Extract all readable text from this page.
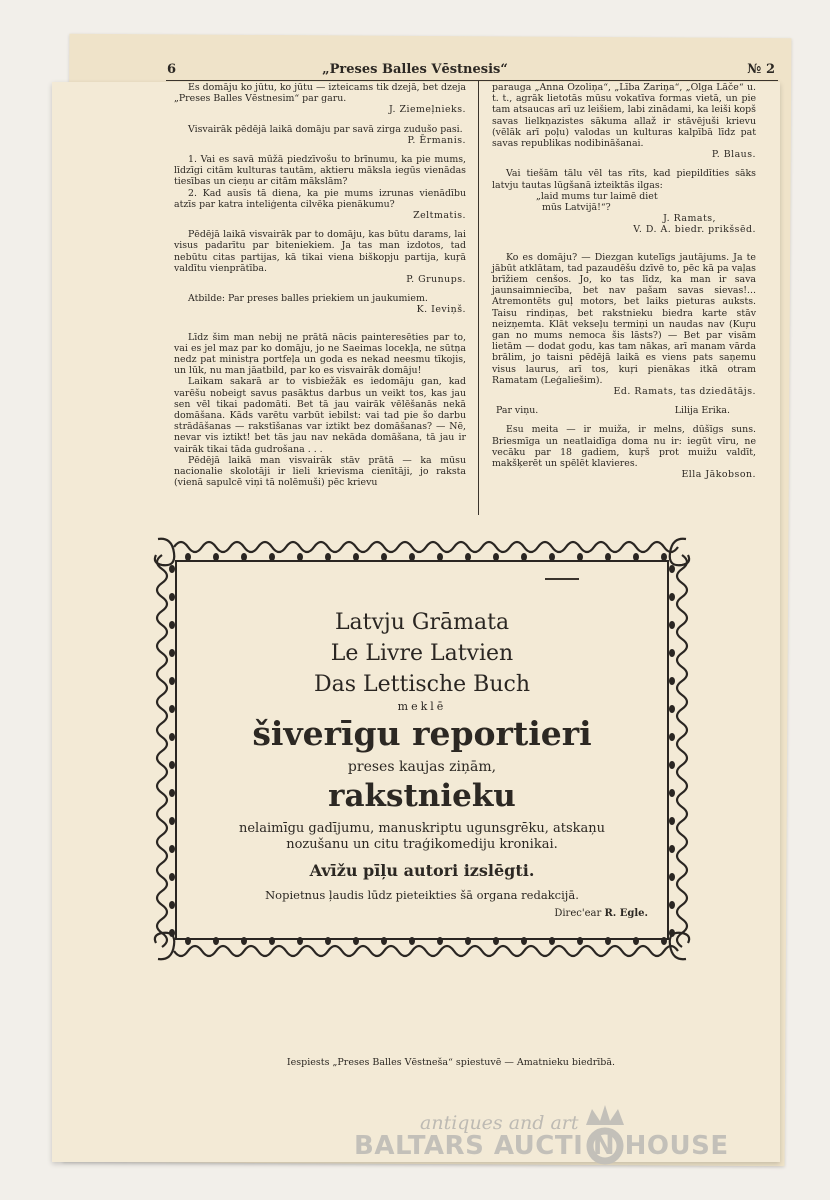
6	„Preses Balles Vēstnesis“	№ 2

Es domāju ko jūtu, ko jūtu — izteicams tik dzejā, bet dzeja „Preses Balles Vēstnesim“ par garu.

J. Ziemeļnieks.

Visvairāk pēdējā laikā domāju par savā zirga zudušo pasi.

P. Ērmanis.

1. Vai es savā mūžā piedzīvošu to brīnumu, ka pie mums, līdzīgi citām kulturas tautām, aktieru māksla iegūs vienādas tiesības un cieņu ar citām mākslām?

2. Kad ausīs tā diena, ka pie mums izrunas vienādību atzīs par katra inteliģenta cilvēka pienākumu?

Zeltmatis.

Pēdējā laikā visvairāk par to domāju, kas būtu darams, lai visus padarītu par biteniekiem. Ja tas man izdotos, tad nebūtu citas partijas, kā tikai viena biškopju partija, kuŗā valdītu vienprātība.

P. Grunups.

Atbilde: Par preses balles priekiem un jaukumiem.

K. Ieviņš.

Līdz šim man nebij ne prātā nācis painteresēties par to, vai es jel maz par ko domāju, jo ne Saeimas locekļa, ne sūtņa nedz pat ministŗa portfeļa un goda es nekad neesmu tīkojis, un lūk, nu man jāatbild, par ko es visvairāk domāju!

Laikam sakarā ar to visbiežāk es iedomāju gan, kad varēšu nobeigt savus pasāktus darbus un veikt tos, kas jau sen vēl tikai padomāti. Bet tā jau vairāk vēlēšanās nekā domāšana. Kāds varētu varbūt iebilst: vai tad pie šo darbu strādāšanas — rakstīšanas var iztikt bez domāšanas? — Nē, nevar vis iztikt! bet tās jau nav nekāda domāšana, tā jau ir vairāk tikai tāda gudrošana . . .

Pēdējā laikā man visvairāk stāv prātā — ka mūsu nacionalie skolotāji ir lieli krievisma cienītāji, jo raksta (vienā sapulcē viņi tā nolēmuši) pēc krievu

parauga „Anna Ozoliņa“, „Lība Zariņa“, „Olga Lāče“ u. t. t., agrāk lietotās mūsu vokatīva formas vietā, un pie tam atsaucas arī uz leišiem, labi zinādami, ka leiši kopš savas lielkņazistes sākuma allaž ir stāvējuši krievu (vēlāk arī poļu) valodas un kulturas kalpībā līdz pat savas republikas nodibināšanai.

P. Blaus.

Vai tiešām tālu vēl tas rīts, kad piepildīties sāks latvju tautas lūgšanā izteiktās ilgas:

„laid mums tur laimē diet

mūs Latvijā!“?

J. Ramats,

V. D. A. biedr. prikšsēd.

Ko es domāju? — Diezgan kutelīgs jautājums. Ja te jābūt atklātam, tad pazaudēšu dzīvē to, pēc kā pa vaļas brīžiem cenšos. Jo, ko tas līdz, ka man ir sava jaunsaimniecība, bet nav pašam savas sievas!... Atremontēts guļ motors, bet laiks pieturas auksts. Taisu rindiņas, bet rakstnieku biedra karte stāv neizņemta. Klāt vekseļu termiņi un naudas nav (Kuŗu gan no mums nemoca šis lāsts?) — Bet par visām lietām — dodat godu, kas tam nākas, arī manam vārda brālim, jo taisni pēdējā laikā es viens pats saņemu visus laurus, arī tos, kuŗi pienākas itkā otram Ramatam (Leģaliešim).

Ed. Ramats, tas dziedātājs.

Par viņu.	Lilija Erika.

Esu meita — ir muiža, ir melns, dūšīgs suns. Briesmīga un neatlaidīga doma nu ir: iegūt vīru, ne vecāku par 18 gadiem, kuŗš prot muižu valdīt, makšķerēt un spēlēt klavieres.

Ella Jākobson.

Latvju Grāmata
Le Livre Latvien
Das Lettische Buch
meklē
šiverīgu reportieri
preses kaujas ziņām,
rakstnieku
nelaimīgu gadījumu, manuskriptu ugunsgrēku, atskaņu
nozušanu un citu traģikomediju kronikai.
Avīžu pīļu autori izslēgti.
Nopietnus ļaudis lūdz pieteikties šā organa redakcijā.
Direc'ear R. Egle.
Iespiests „Preses Balles Vēstneša“ spiestuvē — Amatnieku biedrībā.
antiques and art
BALTARS AUCTI N HOUSE
